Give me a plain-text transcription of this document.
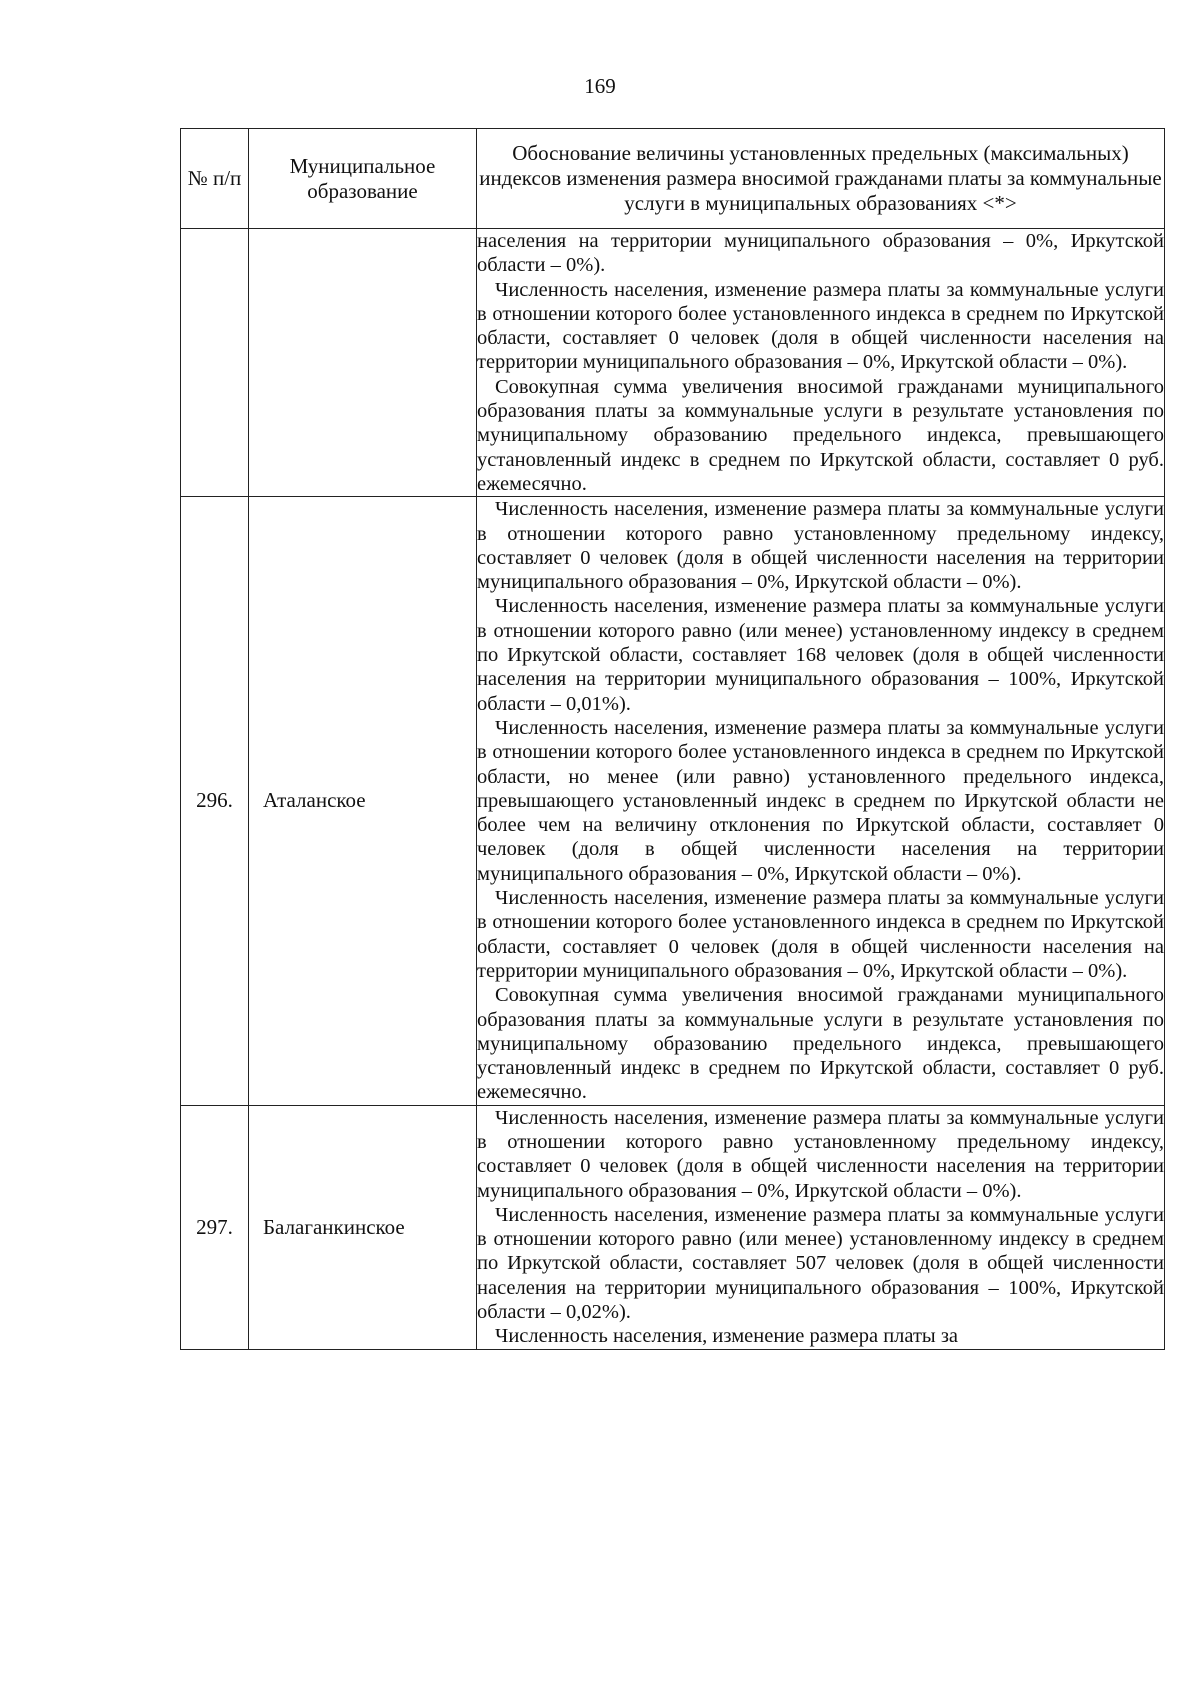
169
№ п/п	Муниципальное образование	Обоснование величины установленных предельных (максимальных) индексов изменения размера вносимой гражданами платы за коммунальные услуги в муниципальных образованиях <*>

		населения на территории муниципального образования – 0%, Иркутской области – 0%).

Численность населения, изменение размера платы за коммунальные услуги в отношении которого более установленного индекса в среднем по Иркутской области, составляет 0 человек (доля в общей численности населения на территории муниципального образования – 0%, Иркутской области – 0%).

Совокупная сумма увеличения вносимой гражданами муниципального образования платы за коммунальные услуги в результате установления по муниципальному образованию предельного индекса, превышающего установленный индекс в среднем по Иркутской области, составляет 0 руб. ежемесячно.

296.	Аталанское	Численность населения, изменение размера платы за коммунальные услуги в отношении которого равно установленному предельному индексу, составляет 0 человек (доля в общей численности населения на территории муниципального образования – 0%, Иркутской области – 0%).

Численность населения, изменение размера платы за коммунальные услуги в отношении которого равно (или менее) установленному индексу в среднем по Иркутской области, составляет 168 человек (доля в общей численности населения на территории муниципального образования – 100%, Иркутской области – 0,01%).

Численность населения, изменение размера платы за коммунальные услуги в отношении которого более установленного индекса в среднем по Иркутской области, но менее (или равно) установленного предельного индекса, превышающего установленный индекс в среднем по Иркутской области не более чем на величину отклонения по Иркутской области, составляет 0 человек (доля в общей численности населения на территории муниципального образования – 0%, Иркутской области – 0%).

Численность населения, изменение размера платы за коммунальные услуги в отношении которого более установленного индекса в среднем по Иркутской области, составляет 0 человек (доля в общей численности населения на территории муниципального образования – 0%, Иркутской области – 0%).

Совокупная сумма увеличения вносимой гражданами муниципального образования платы за коммунальные услуги в результате установления по муниципальному образованию предельного индекса, превышающего установленный индекс в среднем по Иркутской области, составляет 0 руб. ежемесячно.

297.	Балаганкинское	Численность населения, изменение размера платы за коммунальные услуги в отношении которого равно установленному предельному индексу, составляет 0 человек (доля в общей численности населения на территории муниципального образования – 0%, Иркутской области – 0%).

Численность населения, изменение размера платы за коммунальные услуги в отношении которого равно (или менее) установленному индексу в среднем по Иркутской области, составляет 507 человек (доля в общей численности населения на территории муниципального образования – 100%, Иркутской области – 0,02%).

Численность населения, изменение размера платы за
